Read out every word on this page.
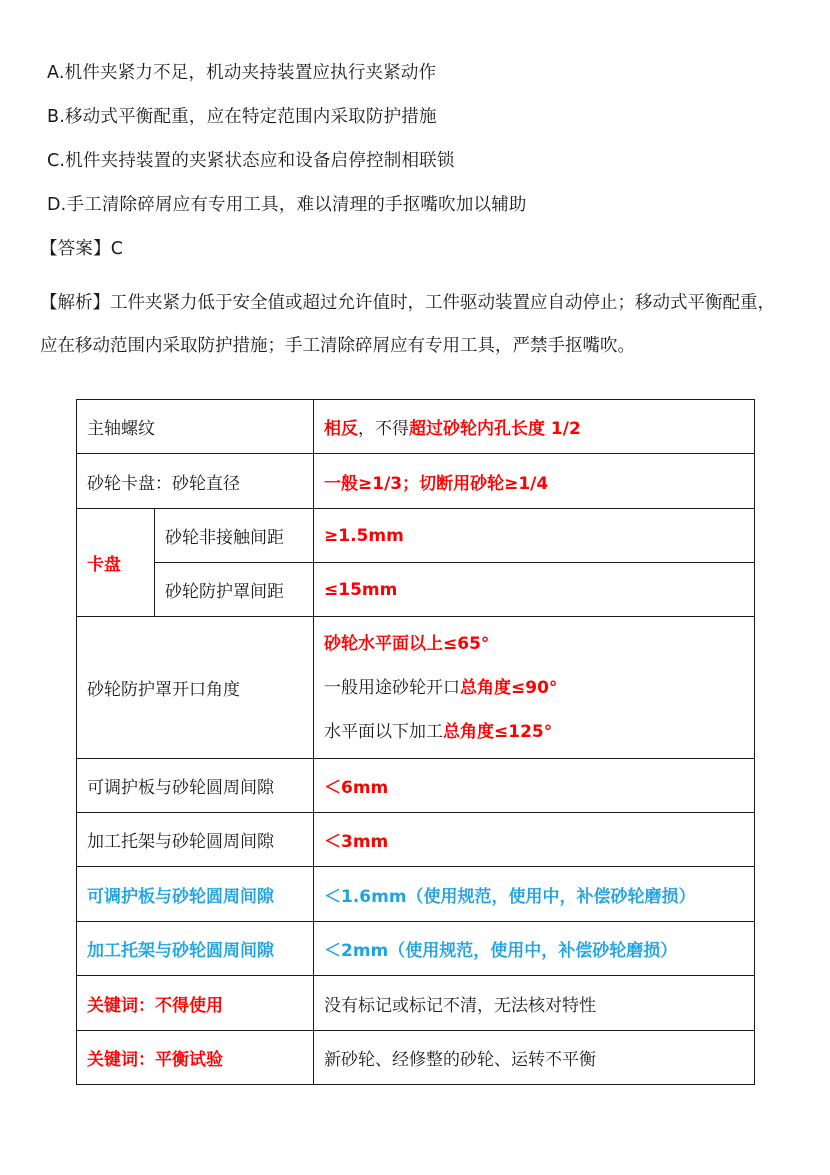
A.机件夹紧力不足，机动夹持装置应执行夹紧动作
B.移动式平衡配重，应在特定范围内采取防护措施
C.机件夹持装置的夹紧状态应和设备启停控制相联锁
D.手工清除碎屑应有专用工具，难以清理的手抠嘴吹加以辅助
【答案】C
【解析】工件夹紧力低于安全值或超过允许值时，工件驱动装置应自动停止；移动式平衡配重，应在移动范围内采取防护措施；手工清除碎屑应有专用工具，严禁手抠嘴吹。
主轴螺纹		相反，不得超过砂轮内孔长度 1/2
砂轮卡盘：砂轮直径		一般≥1/3；切断用砂轮≥1/4
卡盘	砂轮非接触间距	≥1.5mm
	砂轮防护罩间距	≤15mm
砂轮防护罩开口角度		砂轮水平面以上≤65°
一般用途砂轮开口总角度≤90°
水平面以下加工总角度≤125°

可调护板与砂轮圆周间隙		＜6mm
加工托架与砂轮圆周间隙		＜3mm
可调护板与砂轮圆周间隙		＜1.6mm（使用规范，使用中，补偿砂轮磨损）
加工托架与砂轮圆周间隙		＜2mm（使用规范，使用中，补偿砂轮磨损）
关键词：不得使用		没有标记或标记不清，无法核对特性
关键词：平衡试验		新砂轮、经修整的砂轮、运转不平衡
